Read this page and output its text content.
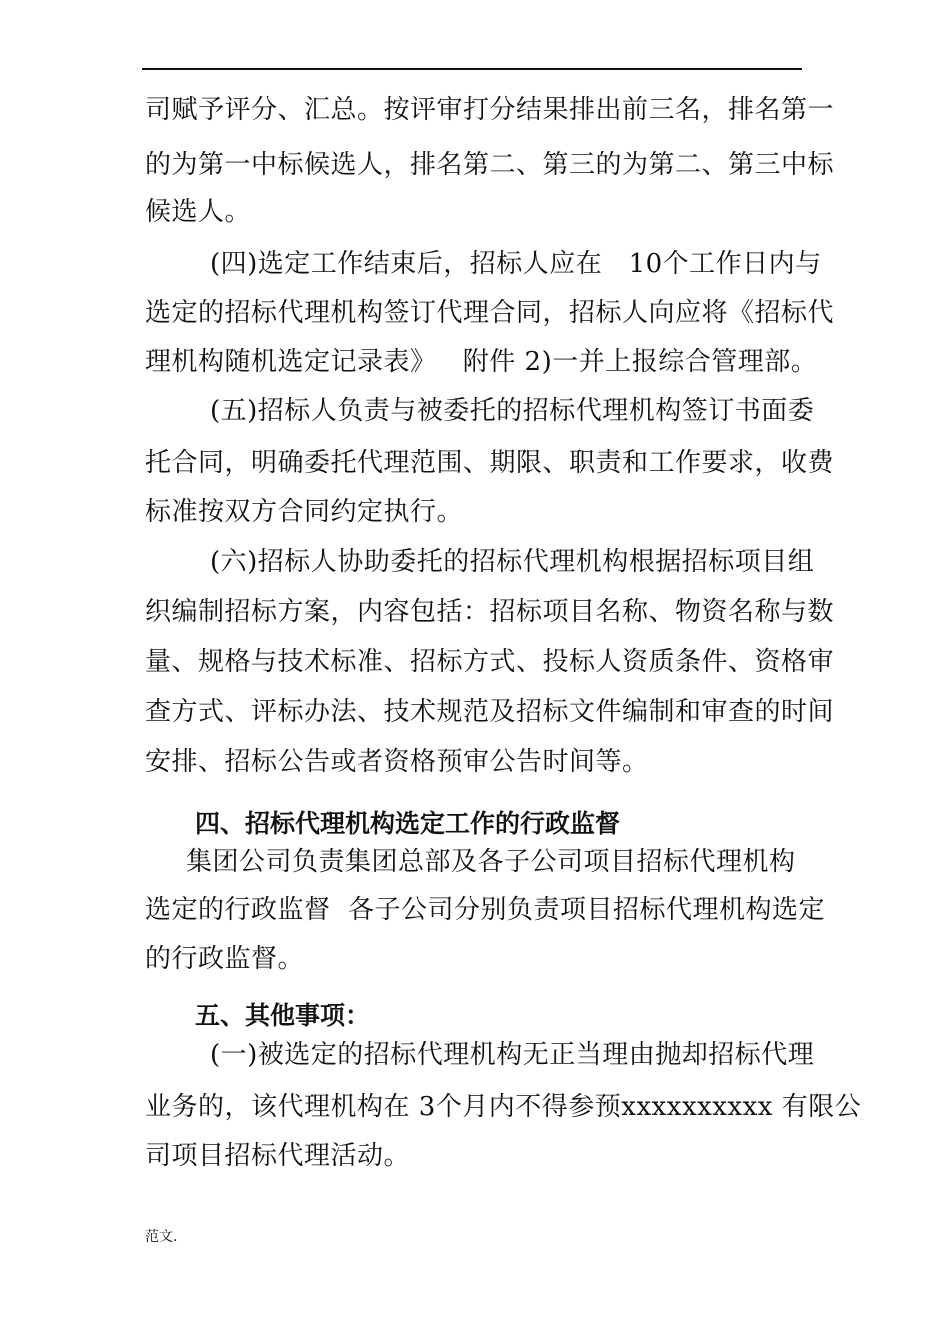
司赋予评分、汇总。按评审打分结果排出前三名，排名第一
的为第一中标候选人，排名第二、第三的为第二、第三中标
候选人。
(四)选定工作结束后，招标人应在   10个工作日内与
选定的招标代理机构签订代理合同，招标人向应将《招标代
理机构随机选定记录表》   附件 2)一并上报综合管理部。
(五)招标人负责与被委托的招标代理机构签订书面委
托合同，明确委托代理范围、期限、职责和工作要求，收费
标准按双方合同约定执行。
(六)招标人协助委托的招标代理机构根据招标项目组
织编制招标方案，内容包括：招标项目名称、物资名称与数
量、规格与技术标准、招标方式、投标人资质条件、资格审
查方式、评标办法、技术规范及招标文件编制和审查的时间
安排、招标公告或者资格预审公告时间等。
四、招标代理机构选定工作的行政监督
集团公司负责集团总部及各子公司项目招标代理机构
选定的行政监督  各子公司分别负责项目招标代理机构选定
的行政监督。
五、其他事项：
(一)被选定的招标代理机构无正当理由抛却招标代理
业务的，该代理机构在 3个月内不得参预xxxxxxxxxx 有限公
司项目招标代理活动。
范文.
